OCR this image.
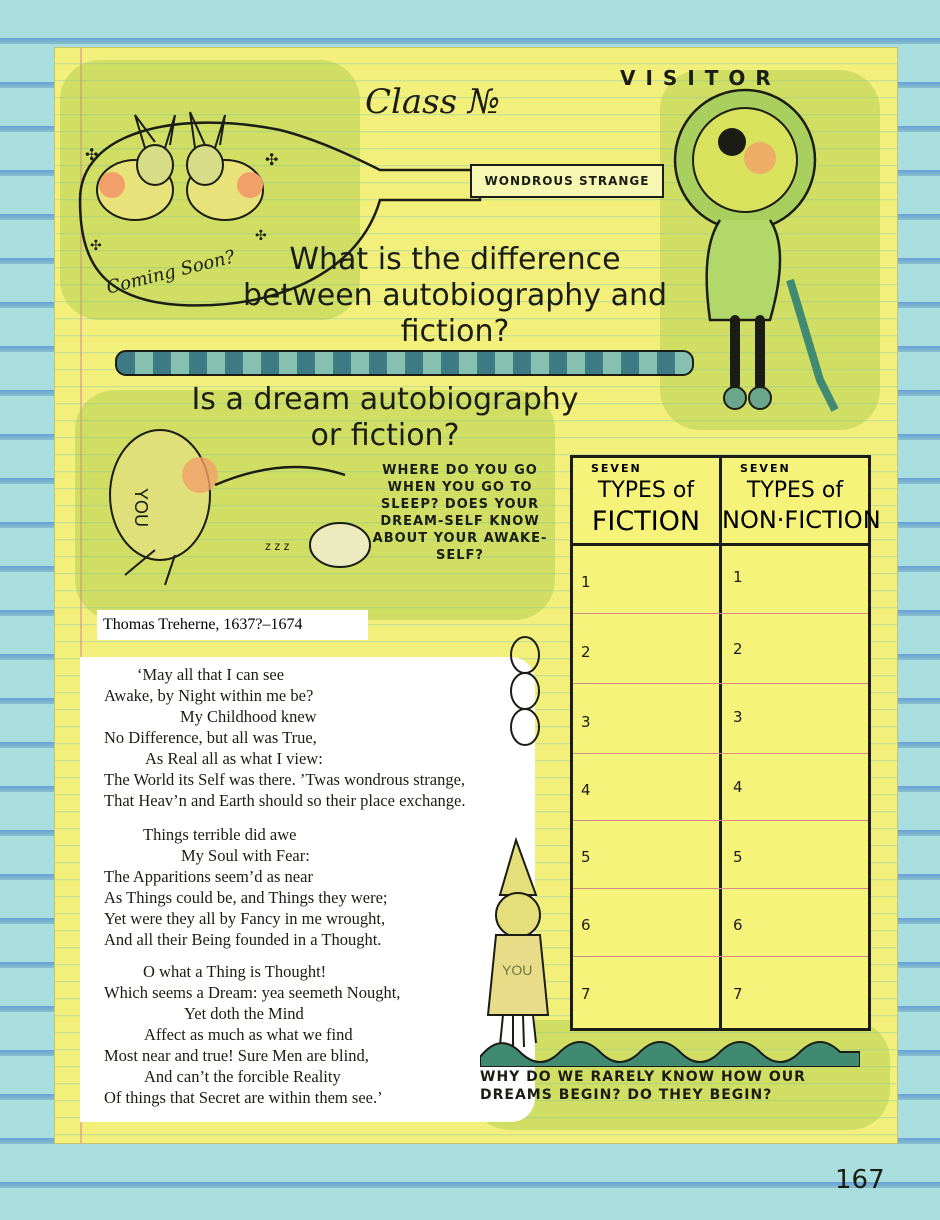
✣	✣
✣
✣
WONDROUS STRANGE
Coming Soon?
Class №
VISITOR
What is the difference between autobiography and fiction?
Is a dream autobiography or fiction?
YOU
z z z
WHERE DO YOU GO WHEN YOU GO TO SLEEP? DOES YOUR DREAM-SELF KNOW ABOUT YOUR AWAKE-SELF?
Thomas Treherne, 1637?–1674
‘May all that I can see
Awake, by Night within me be?
My Childhood knew
No Difference, but all was True,
As Real all as what I view:
The World its Self was there. ’Twas wondrous strange,
That Heav’n and Earth should so their place exchange.
Things terrible did awe
My Soul with Fear:
The Apparitions seem’d as near
As Things could be, and Things they were;
Yet were they all by Fancy in me wrought,
And all their Being founded in a Thought.
O what a Thing is Thought!
Which seems a Dream: yea seemeth Nought,
Yet doth the Mind
Affect as much as what we find
Most near and true! Sure Men are blind,
And can’t the forcible Reality
Of things that Secret are within them see.’
YOU
SEVEN
TYPES of
FICTION
SEVEN
TYPES of
NON·FICTION
1
2
3
4
5
6
7
1
2
3
4
5
6
7
WHY DO WE RARELY KNOW HOW OUR DREAMS BEGIN? DO THEY BEGIN?
167
